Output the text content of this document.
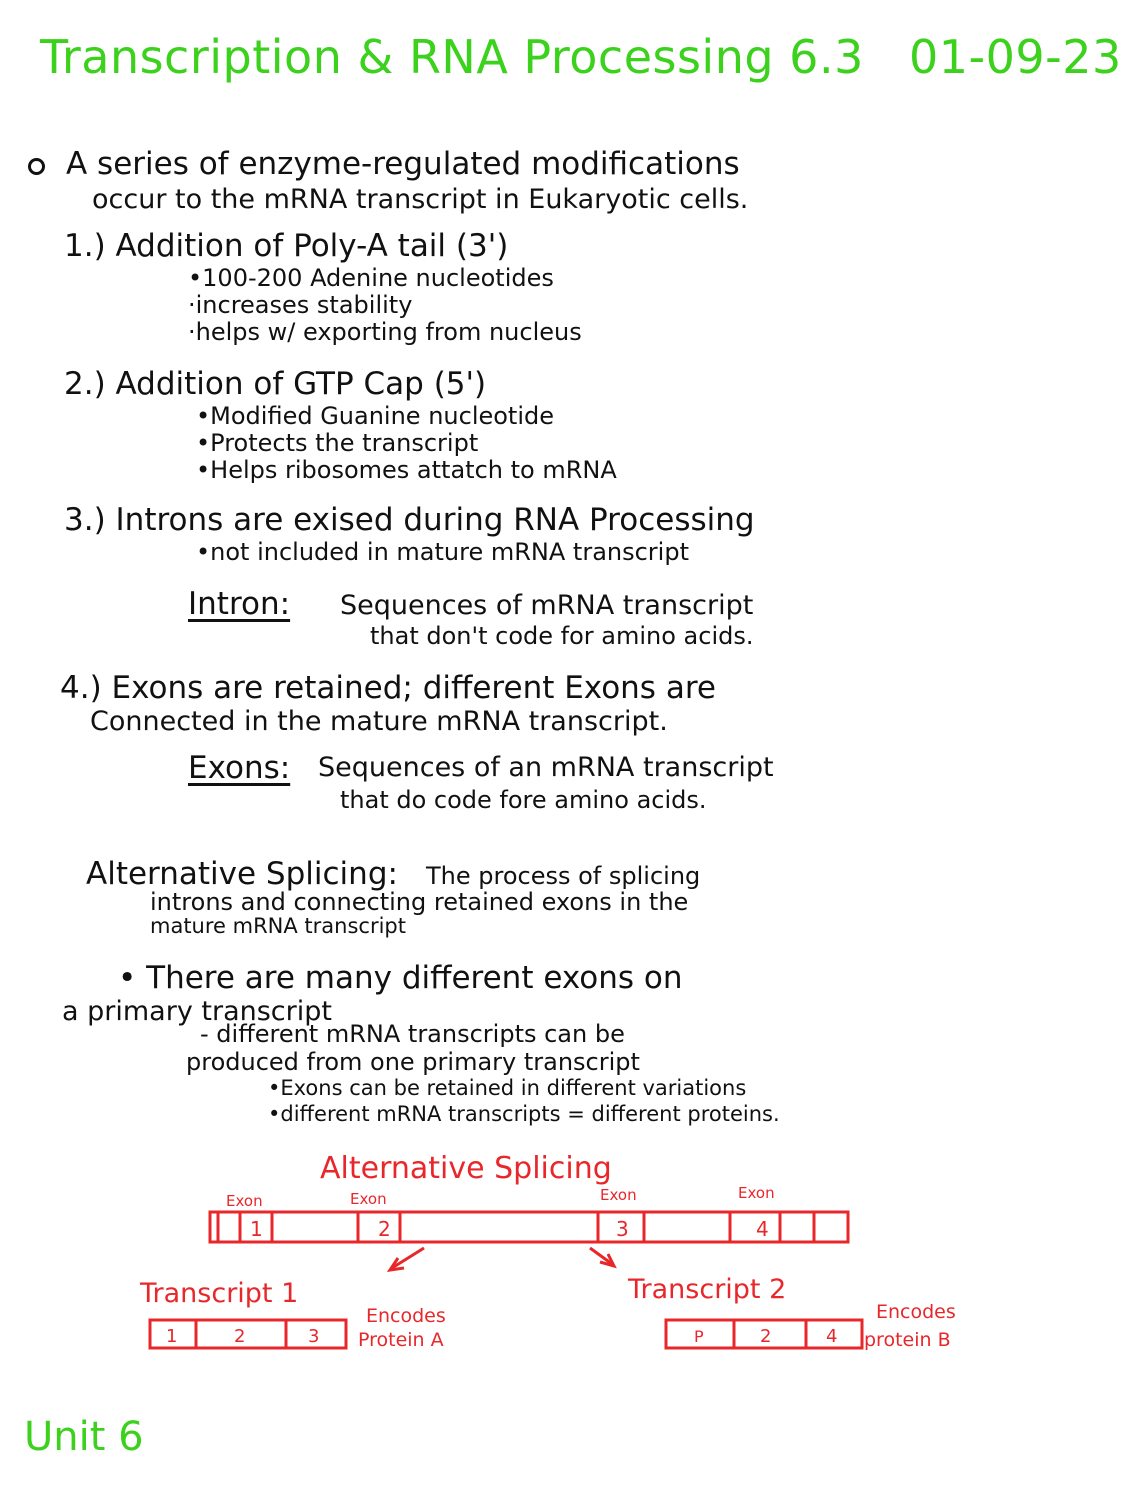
Transcription & RNA Processing 6.3 01-09-23
A series of enzyme-regulated modifications
occur to the mRNA transcript in Eukaryotic cells.
1.) Addition of Poly-A tail (3')
•100-200 Adenine nucleotides
·increases stability
·helps w/ exporting from nucleus
2.) Addition of GTP Cap (5')
•Modified Guanine nucleotide
•Protects the transcript
•Helps ribosomes attatch to mRNA
3.) Introns are exised during RNA Processing
•not included in mature mRNA transcript
Intron: Sequences of mRNA transcript
that don't code for amino acids.
4.) Exons are retained; different Exons are
Connected in the mature mRNA transcript.
Exons: Sequences of an mRNA transcript
that do code fore amino acids.
Alternative Splicing: The process of splicing
introns and connecting retained exons in the
mature mRNA transcript
• There are many different exons on
a primary transcript
- different mRNA transcripts can be
produced from one primary transcript
•Exons can be retained in different variations
•different mRNA transcripts = different proteins.
Alternative Splicing
Exon	Exon	Exon	Exon
1	2	3	4
Transcript 1	Transcript 2
1	2	3	P	2	4
Encodes
Protein A
Encodes
protein B
Unit 6
